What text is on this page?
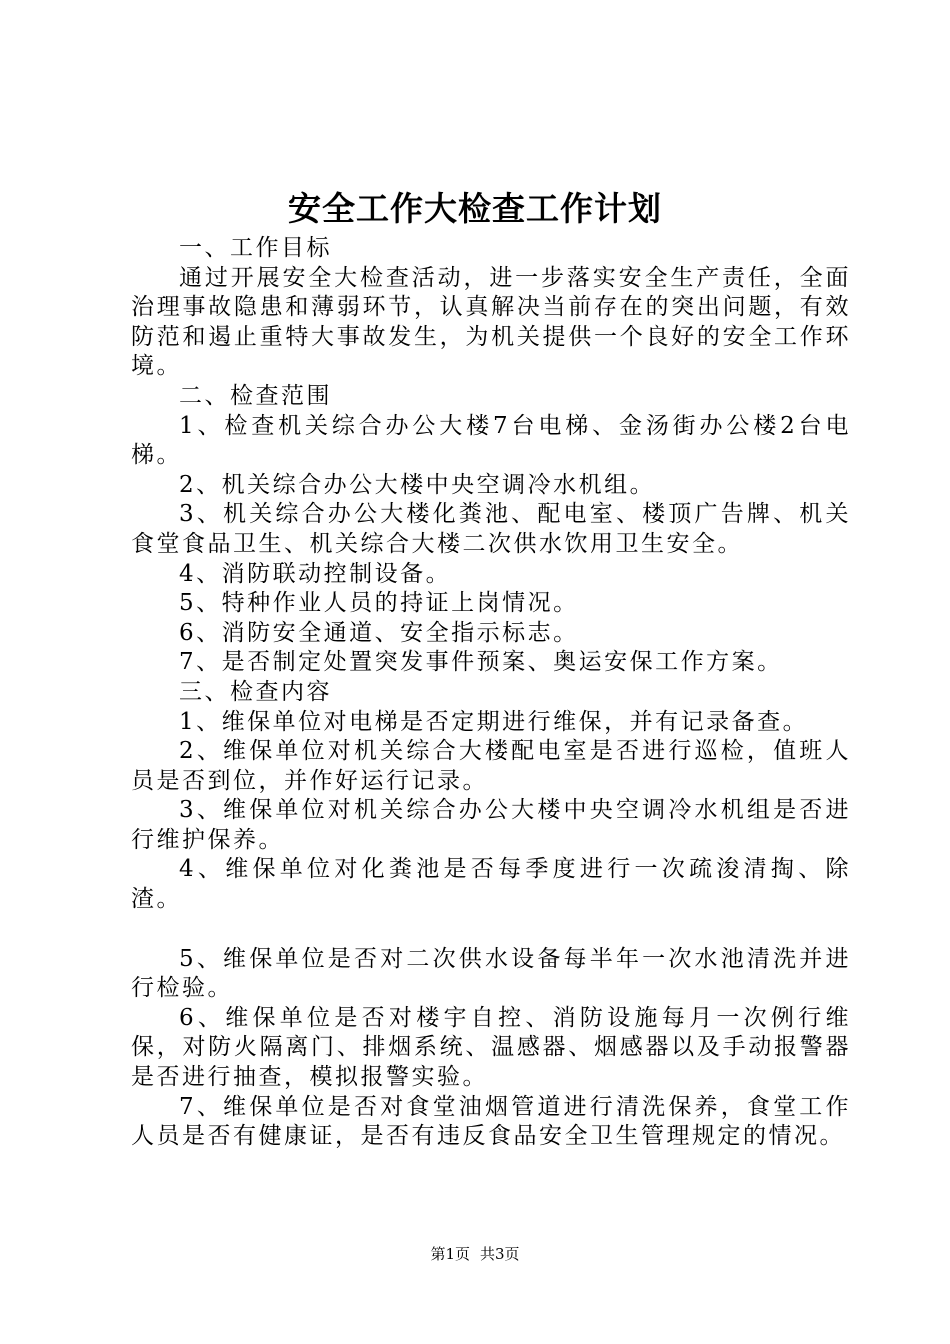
安全工作大检查工作计划

一、工作目标

通过开展安全大检查活动，进一步落实安全生产责任，全面治理事故隐患和薄弱环节，认真解决当前存在的突出问题，有效防范和遏止重特大事故发生，为机关提供一个良好的安全工作环境。

二、检查范围

1、检查机关综合办公大楼7台电梯、金汤街办公楼2台电梯。

2、机关综合办公大楼中央空调冷水机组。

3、机关综合办公大楼化粪池、配电室、楼顶广告牌、机关食堂食品卫生、机关综合大楼二次供水饮用卫生安全。

4、消防联动控制设备。

5、特种作业人员的持证上岗情况。

6、消防安全通道、安全指示标志。

7、是否制定处置突发事件预案、奥运安保工作方案。

三、检查内容

1、维保单位对电梯是否定期进行维保，并有记录备查。

2、维保单位对机关综合大楼配电室是否进行巡检，值班人员是否到位，并作好运行记录。

3、维保单位对机关综合办公大楼中央空调冷水机组是否进行维护保养。

4、维保单位对化粪池是否每季度进行一次疏浚清掏、除渣。

5、维保单位是否对二次供水设备每半年一次水池清洗并进行检验。

6、维保单位是否对楼宇自控、消防设施每月一次例行维保，对防火隔离门、排烟系统、温感器、烟感器以及手动报警器是否进行抽查，模拟报警实验。

7、维保单位是否对食堂油烟管道进行清洗保养，食堂工作人员是否有健康证，是否有违反食品安全卫生管理规定的情况。

第1页 共3页
